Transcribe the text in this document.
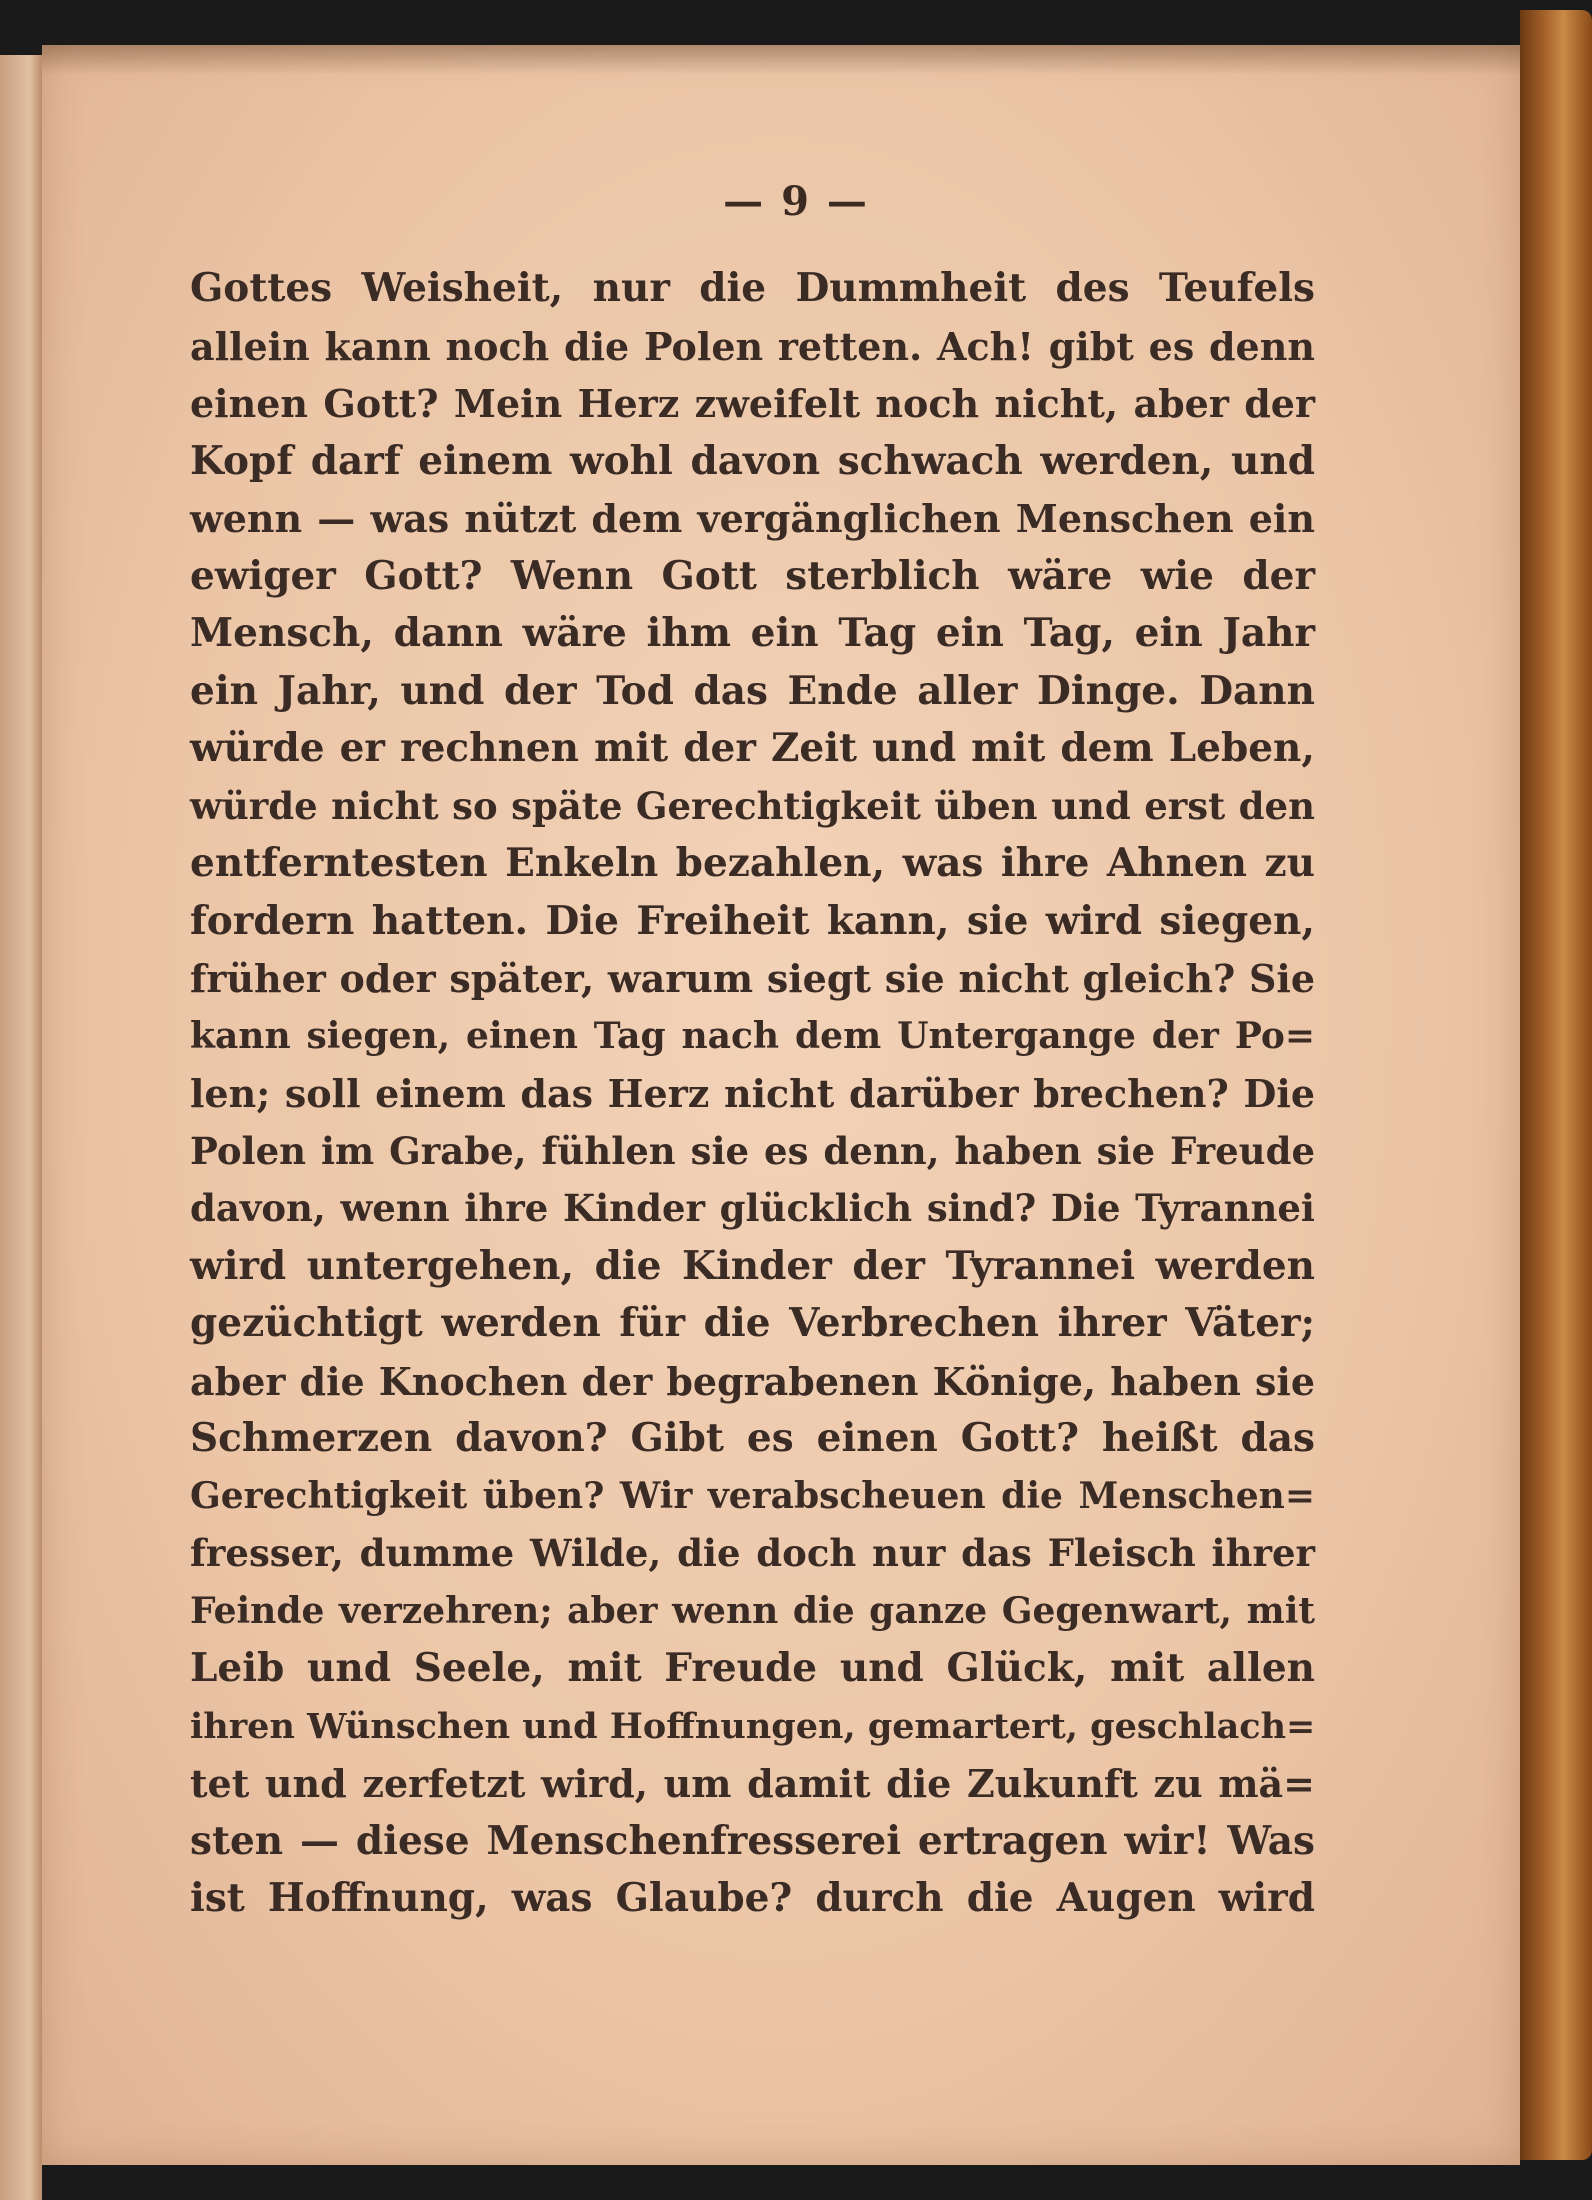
— 9 —
Gottes Weisheit, nur die Dummheit des Teufels
allein kann noch die Polen retten. Ach! gibt es denn
einen Gott? Mein Herz zweifelt noch nicht, aber der
Kopf darf einem wohl davon schwach werden, und
wenn — was nützt dem vergänglichen Menschen ein
ewiger Gott? Wenn Gott sterblich wäre wie der
Mensch, dann wäre ihm ein Tag ein Tag, ein Jahr
ein Jahr, und der Tod das Ende aller Dinge. Dann
würde er rechnen mit der Zeit und mit dem Leben,
würde nicht so späte Gerechtigkeit üben und erst den
entferntesten Enkeln bezahlen, was ihre Ahnen zu
fordern hatten. Die Freiheit kann, sie wird siegen,
früher oder später, warum siegt sie nicht gleich? Sie
kann siegen, einen Tag nach dem Untergange der Po=
len; soll einem das Herz nicht darüber brechen? Die
Polen im Grabe, fühlen sie es denn, haben sie Freude
davon, wenn ihre Kinder glücklich sind? Die Tyrannei
wird untergehen, die Kinder der Tyrannei werden
gezüchtigt werden für die Verbrechen ihrer Väter;
aber die Knochen der begrabenen Könige, haben sie
Schmerzen davon? Gibt es einen Gott? heißt das
Gerechtigkeit üben? Wir verabscheuen die Menschen=
fresser, dumme Wilde, die doch nur das Fleisch ihrer
Feinde verzehren; aber wenn die ganze Gegenwart, mit
Leib und Seele, mit Freude und Glück, mit allen
ihren Wünschen und Hoffnungen, gemartert, geschlach=
tet und zerfetzt wird, um damit die Zukunft zu mä=
sten — diese Menschenfresserei ertragen wir! Was
ist Hoffnung, was Glaube? durch die Augen wird
